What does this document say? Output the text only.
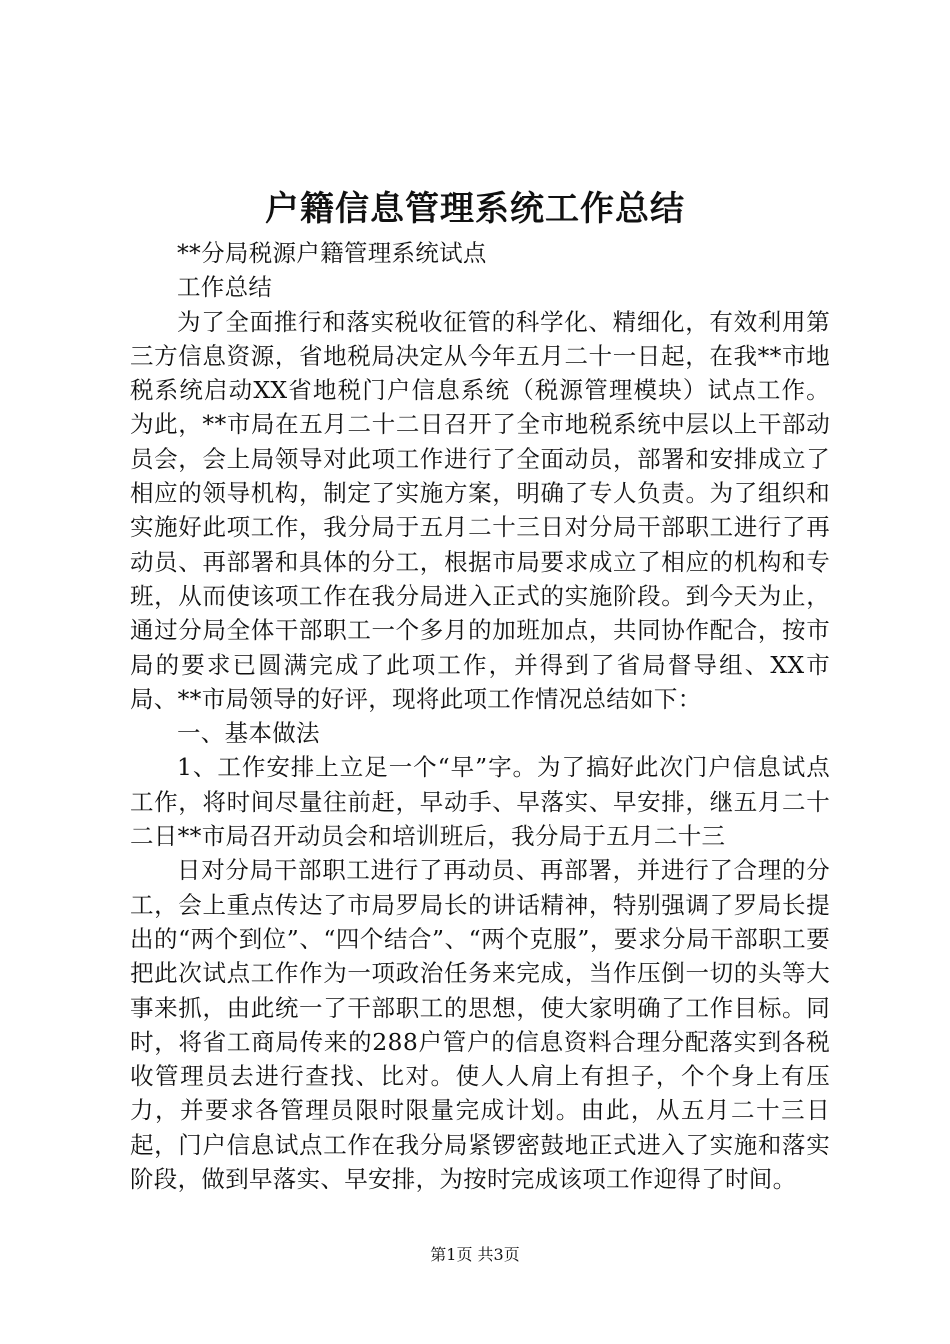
户籍信息管理系统工作总结

**分局税源户籍管理系统试点

工作总结

为了全面推行和落实税收征管的科学化、精细化，有效利用第三方信息资源，省地税局决定从今年五月二十一日起，在我**市地税系统启动XX省地税门户信息系统（税源管理模块）试点工作。为此，**市局在五月二十二日召开了全市地税系统中层以上干部动员会，会上局领导对此项工作进行了全面动员，部署和安排成立了相应的领导机构，制定了实施方案，明确了专人负责。为了组织和实施好此项工作，我分局于五月二十三日对分局干部职工进行了再动员、再部署和具体的分工，根据市局要求成立了相应的机构和专班，从而使该项工作在我分局进入正式的实施阶段。到今天为止，通过分局全体干部职工一个多月的加班加点，共同协作配合，按市局的要求已圆满完成了此项工作，并得到了省局督导组、XX市局、**市局领导的好评，现将此项工作情况总结如下：

一、基本做法

1、工作安排上立足一个“早”字。为了搞好此次门户信息试点工作，将时间尽量往前赶，早动手、早落实、早安排，继五月二十二日**市局召开动员会和培训班后，我分局于五月二十三

日对分局干部职工进行了再动员、再部署，并进行了合理的分工，会上重点传达了市局罗局长的讲话精神，特别强调了罗局长提出的“两个到位”、“四个结合”、“两个克服”，要求分局干部职工要把此次试点工作作为一项政治任务来完成，当作压倒一切的头等大事来抓，由此统一了干部职工的思想，使大家明确了工作目标。同时，将省工商局传来的288户管户的信息资料合理分配落实到各税收管理员去进行查找、比对。使人人肩上有担子，个个身上有压力，并要求各管理员限时限量完成计划。由此，从五月二十三日起，门户信息试点工作在我分局紧锣密鼓地正式进入了实施和落实阶段，做到早落实、早安排，为按时完成该项工作迎得了时间。

第1页 共3页
